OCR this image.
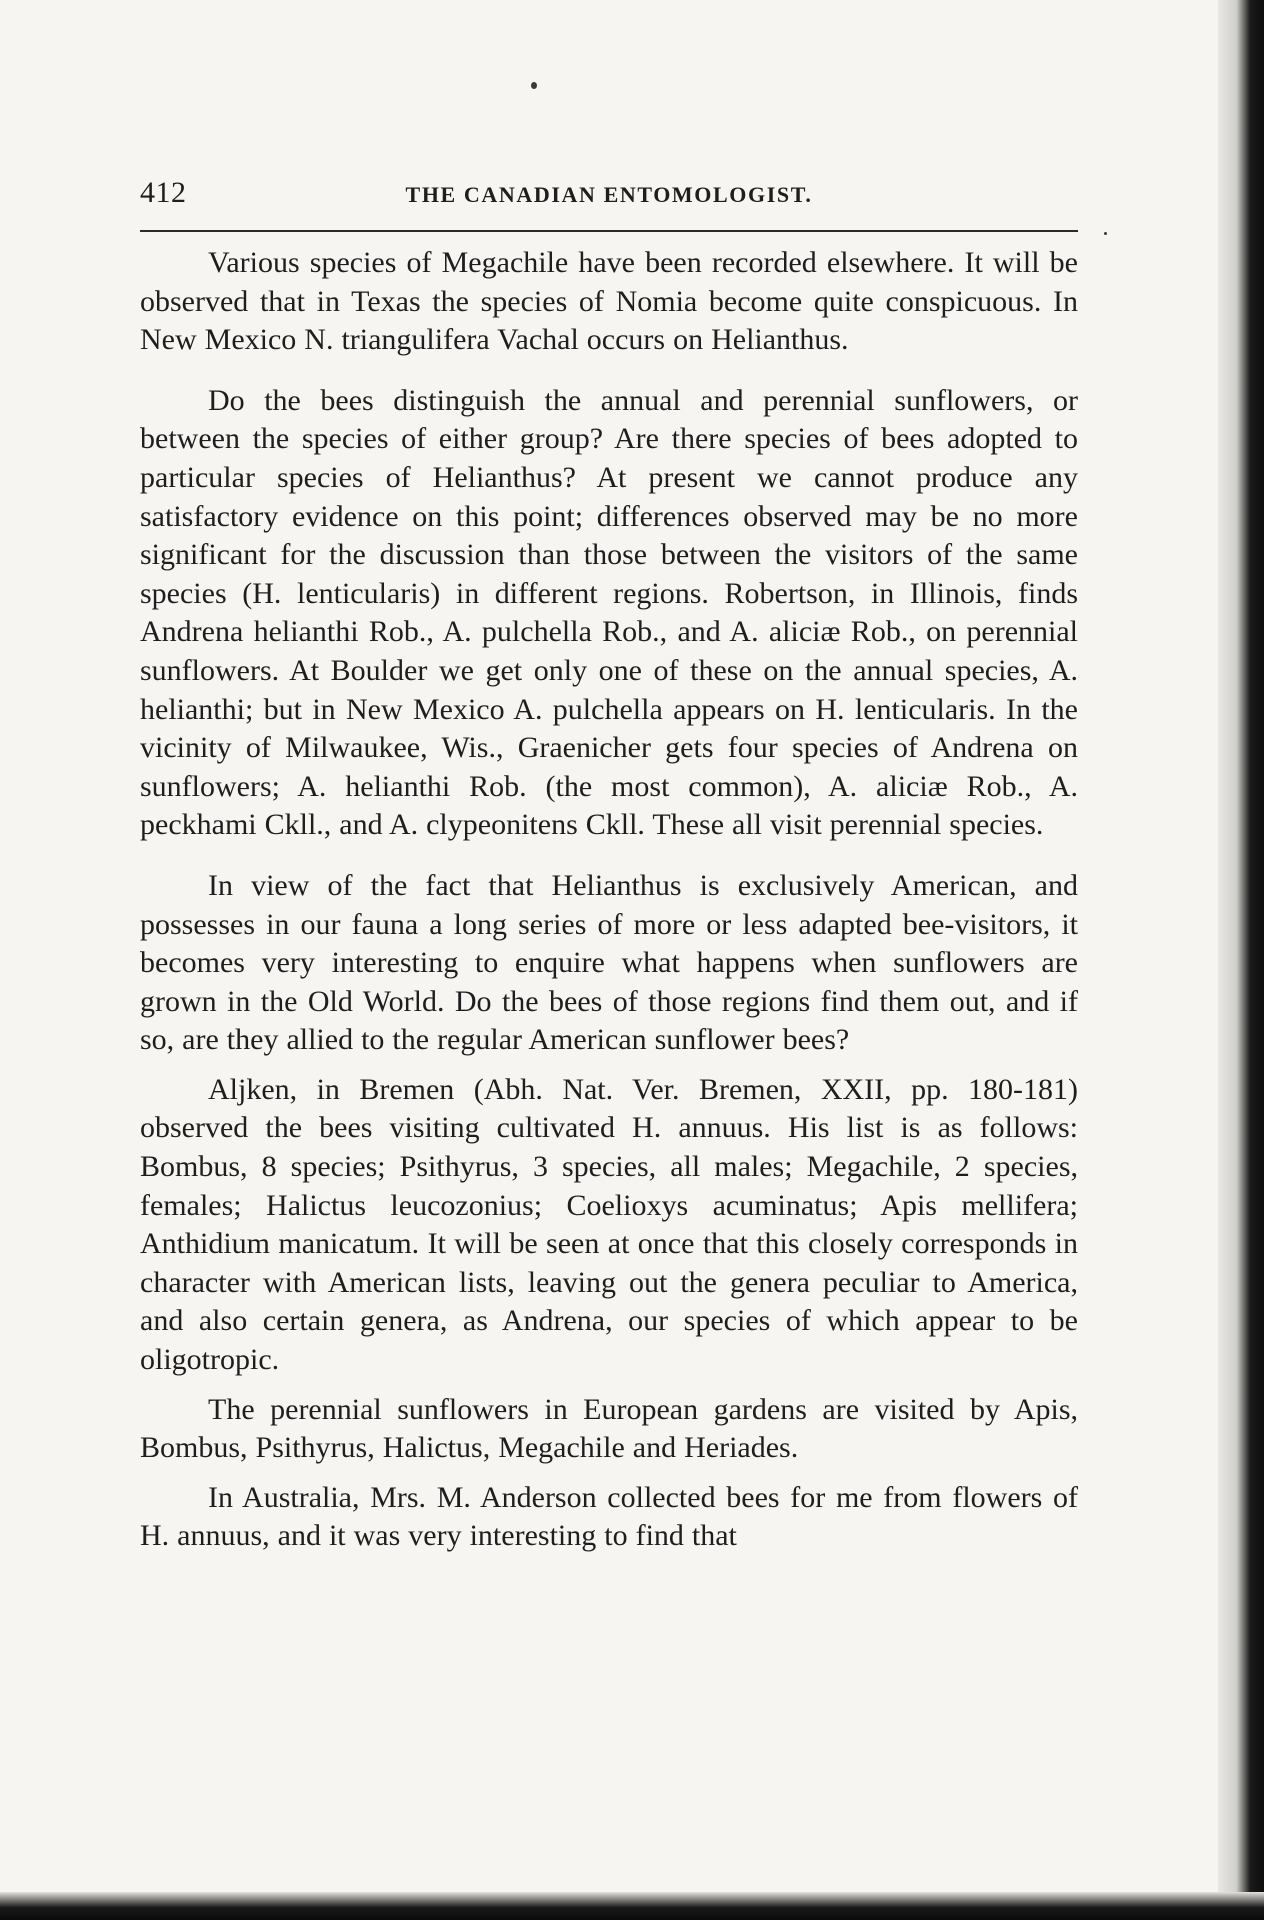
412	THE CANADIAN ENTOMOLOGIST.

Various species of Megachile have been recorded elsewhere. It will be observed that in Texas the species of Nomia become quite conspicuous. In New Mexico N. triangulifera Vachal occurs on Helianthus.

Do the bees distinguish the annual and perennial sunflowers, or between the species of either group? Are there species of bees adopted to particular species of Helianthus? At present we cannot produce any satisfactory evidence on this point; differences observed may be no more significant for the discussion than those between the visitors of the same species (H. lenticularis) in different regions. Robertson, in Illinois, finds Andrena helianthi Rob., A. pulchella Rob., and A. aliciæ Rob., on perennial sunflowers. At Boulder we get only one of these on the annual species, A. helianthi; but in New Mexico A. pulchella appears on H. lenticularis. In the vicinity of Milwaukee, Wis., Graenicher gets four species of Andrena on sunflowers; A. helianthi Rob. (the most common), A. aliciæ Rob., A. peckhami Ckll., and A. clypeonitens Ckll. These all visit perennial species.

In view of the fact that Helianthus is exclusively American, and possesses in our fauna a long series of more or less adapted bee-visitors, it becomes very interesting to enquire what happens when sunflowers are grown in the Old World. Do the bees of those regions find them out, and if so, are they allied to the regular American sunflower bees?

Aljken, in Bremen (Abh. Nat. Ver. Bremen, XXII, pp. 180-181) observed the bees visiting cultivated H. annuus. His list is as follows: Bombus, 8 species; Psithyrus, 3 species, all males; Megachile, 2 species, females; Halictus leucozonius; Coelioxys acuminatus; Apis mellifera; Anthidium manicatum. It will be seen at once that this closely corresponds in character with American lists, leaving out the genera peculiar to America, and also certain genera, as Andrena, our species of which appear to be oligotropic.

The perennial sunflowers in European gardens are visited by Apis, Bombus, Psithyrus, Halictus, Megachile and Heriades.

In Australia, Mrs. M. Anderson collected bees for me from flowers of H. annuus, and it was very interesting to find that
